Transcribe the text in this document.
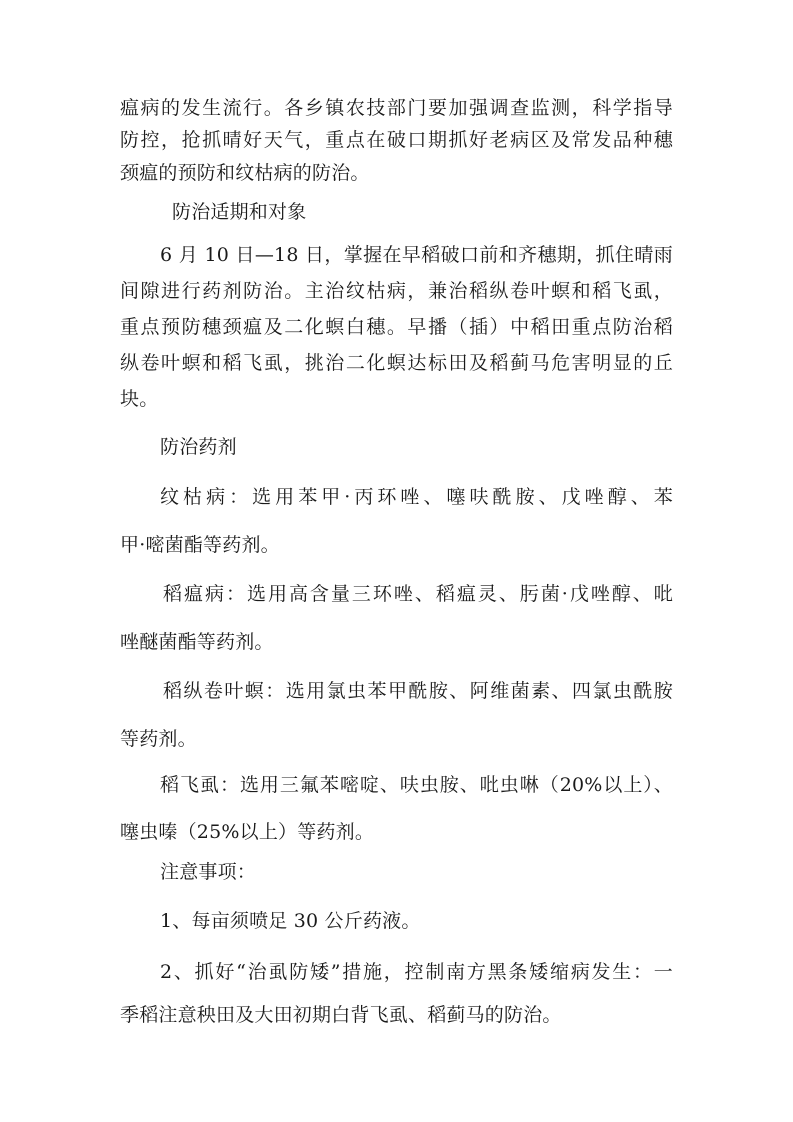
瘟病的发生流行。各乡镇农技部门要加强调查监测，科学指导
防控，抢抓晴好天气，重点在破口期抓好老病区及常发品种穗
颈瘟的预防和纹枯病的防治。
防治适期和对象
6 月 10 日—18 日，掌握在早稻破口前和齐穗期，抓住晴雨
间隙进行药剂防治。主治纹枯病，兼治稻纵卷叶螟和稻飞虱，
重点预防穗颈瘟及二化螟白穗。早播（插）中稻田重点防治稻
纵卷叶螟和稻飞虱，挑治二化螟达标田及稻蓟马危害明显的丘
块。
防治药剂
纹枯病：选用苯甲·丙环唑、噻呋酰胺、戊唑醇、苯
甲·嘧菌酯等药剂。
稻瘟病：选用高含量三环唑、稻瘟灵、肟菌·戊唑醇、吡
唑醚菌酯等药剂。
稻纵卷叶螟：选用氯虫苯甲酰胺、阿维菌素、四氯虫酰胺
等药剂。
稻飞虱：选用三氟苯嘧啶、呋虫胺、吡虫啉（20%以上）、
噻虫嗪（25%以上）等药剂。
注意事项：
1、每亩须喷足 30 公斤药液。
2、抓好“治虱防矮”措施，控制南方黑条矮缩病发生：一
季稻注意秧田及大田初期白背飞虱、稻蓟马的防治。
